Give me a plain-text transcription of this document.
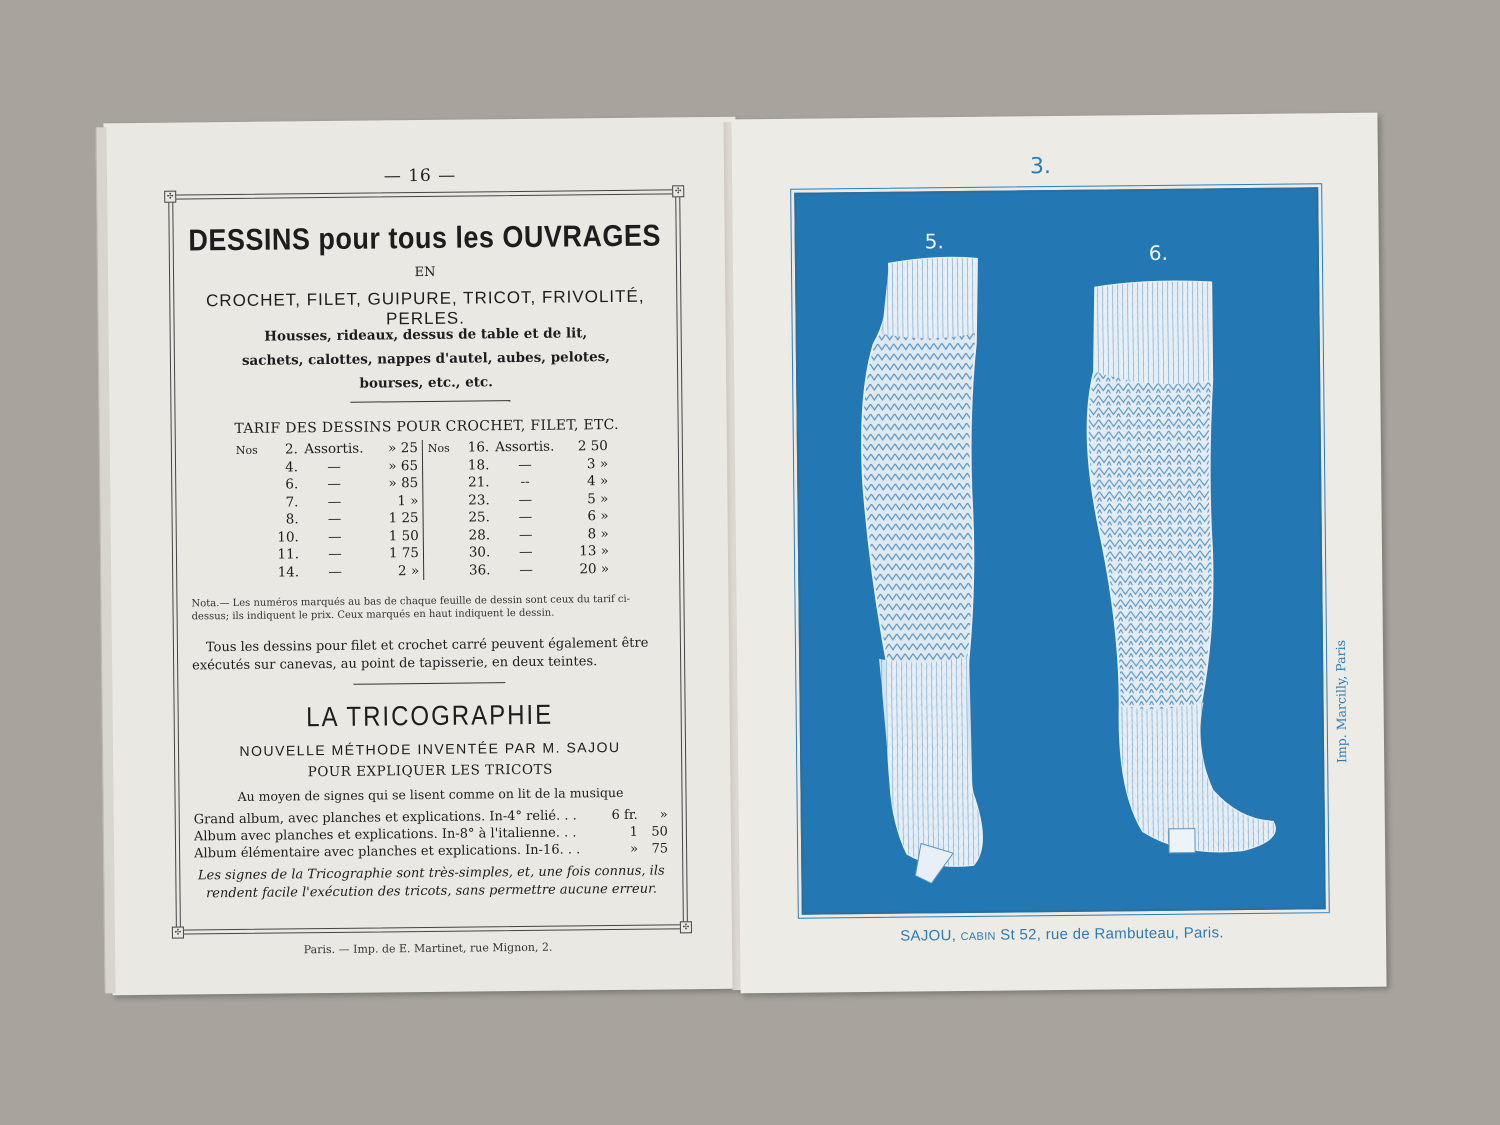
— 16 —
✣
✣
✣
✣
DESSINS pour tous les OUVRAGES
EN
CROCHET, FILET, GUIPURE, TRICOT, FRIVOLITÉ, PERLES.
Housses, rideaux, dessus de table et de lit,
sachets, calottes, nappes d'autel, aubes, pelotes,
bourses, etc., etc.
TARIF DES DESSINS POUR CROCHET, FILET, ETC.
Nos	2. Assortis.	» 25
4.	—	» 65
6.	—	» 85
7.	—	1 »
8.	—	1 25
10.	—	1 50
11.	—	1 75
14.	—	2 »
Nos	16. Assortis.	2 50
18.	—	3 »
21.	--	4 »
23.	—	5 »
25.	—	6 »
28.	—	8 »
30.	—	13 »
36.	—	20 »
Nota.— Les numéros marqués au bas de chaque feuille de dessin sont ceux du tarif ci-dessus; ils indiquent le prix. Ceux marqués en haut indiquent le dessin.
Tous les dessins pour filet et crochet carré peuvent également être exécutés sur canevas, au point de tapisserie, en deux teintes.
LA TRICOGRAPHIE
NOUVELLE MÉTHODE INVENTÉE PAR M. SAJOU
POUR EXPLIQUER LES TRICOTS
Au moyen de signes qui se lisent comme on lit de la musique
Grand album, avec planches et explications. In-4° relié. . .	6 fr.	»
Album avec planches et explications. In-8° à l'italienne. . .	1	50
Album élémentaire avec planches et explications. In-16. . .	»	75
Les signes de la Tricographie sont très-simples, et, une fois connus, ils rendent facile l'exécution des tricots, sans permettre aucune erreur.
Paris. — Imp. de E. Martinet, rue Mignon, 2.
3.
5.	6.
Imp. Marcilly, Paris
SAJOU, CABIN St 52, rue de Rambuteau, Paris.
